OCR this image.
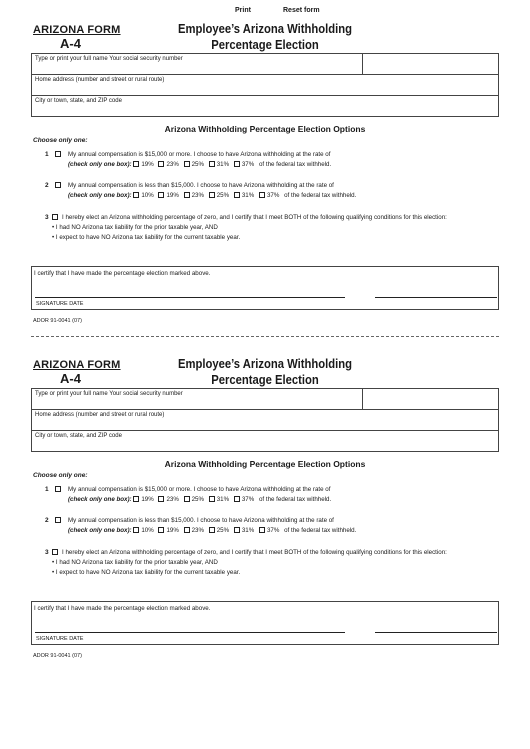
Print	Reset form
ARIZONA FORM
A-4
Employee’s Arizona Withholding
Percentage Election
Type or print your full name Your social security number
Home address (number and street or rural route)
City or town, state, and ZIP code
Arizona Withholding Percentage Election Options
Choose only one:
1	My annual compensation is $15,000 or more. I choose to have Arizona withholding at the rate of
(check only one box): 19% 23% 25% 31% 37% of the federal tax withheld.
2	My annual compensation is less than $15,000. I choose to have Arizona withholding at the rate of
(check only one box): 10% 19% 23% 25% 31% 37% of the federal tax withheld.
3 I hereby elect an Arizona withholding percentage of zero, and I certify that I meet BOTH of the following qualifying conditions for this election:
• I had NO Arizona tax liability for the prior taxable year, AND
• I expect to have NO Arizona tax liability for the current taxable year.
I certify that I have made the percentage election marked above.
SIGNATURE DATE
ADOR 91-0041 (07)
ARIZONA FORM
A-4
Employee’s Arizona Withholding
Percentage Election
Type or print your full name Your social security number
Home address (number and street or rural route)
City or town, state, and ZIP code
Arizona Withholding Percentage Election Options
Choose only one:
1	My annual compensation is $15,000 or more. I choose to have Arizona withholding at the rate of
(check only one box): 19% 23% 25% 31% 37% of the federal tax withheld.
2	My annual compensation is less than $15,000. I choose to have Arizona withholding at the rate of
(check only one box): 10% 19% 23% 25% 31% 37% of the federal tax withheld.
3 I hereby elect an Arizona withholding percentage of zero, and I certify that I meet BOTH of the following qualifying conditions for this election:
• I had NO Arizona tax liability for the prior taxable year, AND
• I expect to have NO Arizona tax liability for the current taxable year.
I certify that I have made the percentage election marked above.
SIGNATURE DATE
ADOR 91-0041 (07)
